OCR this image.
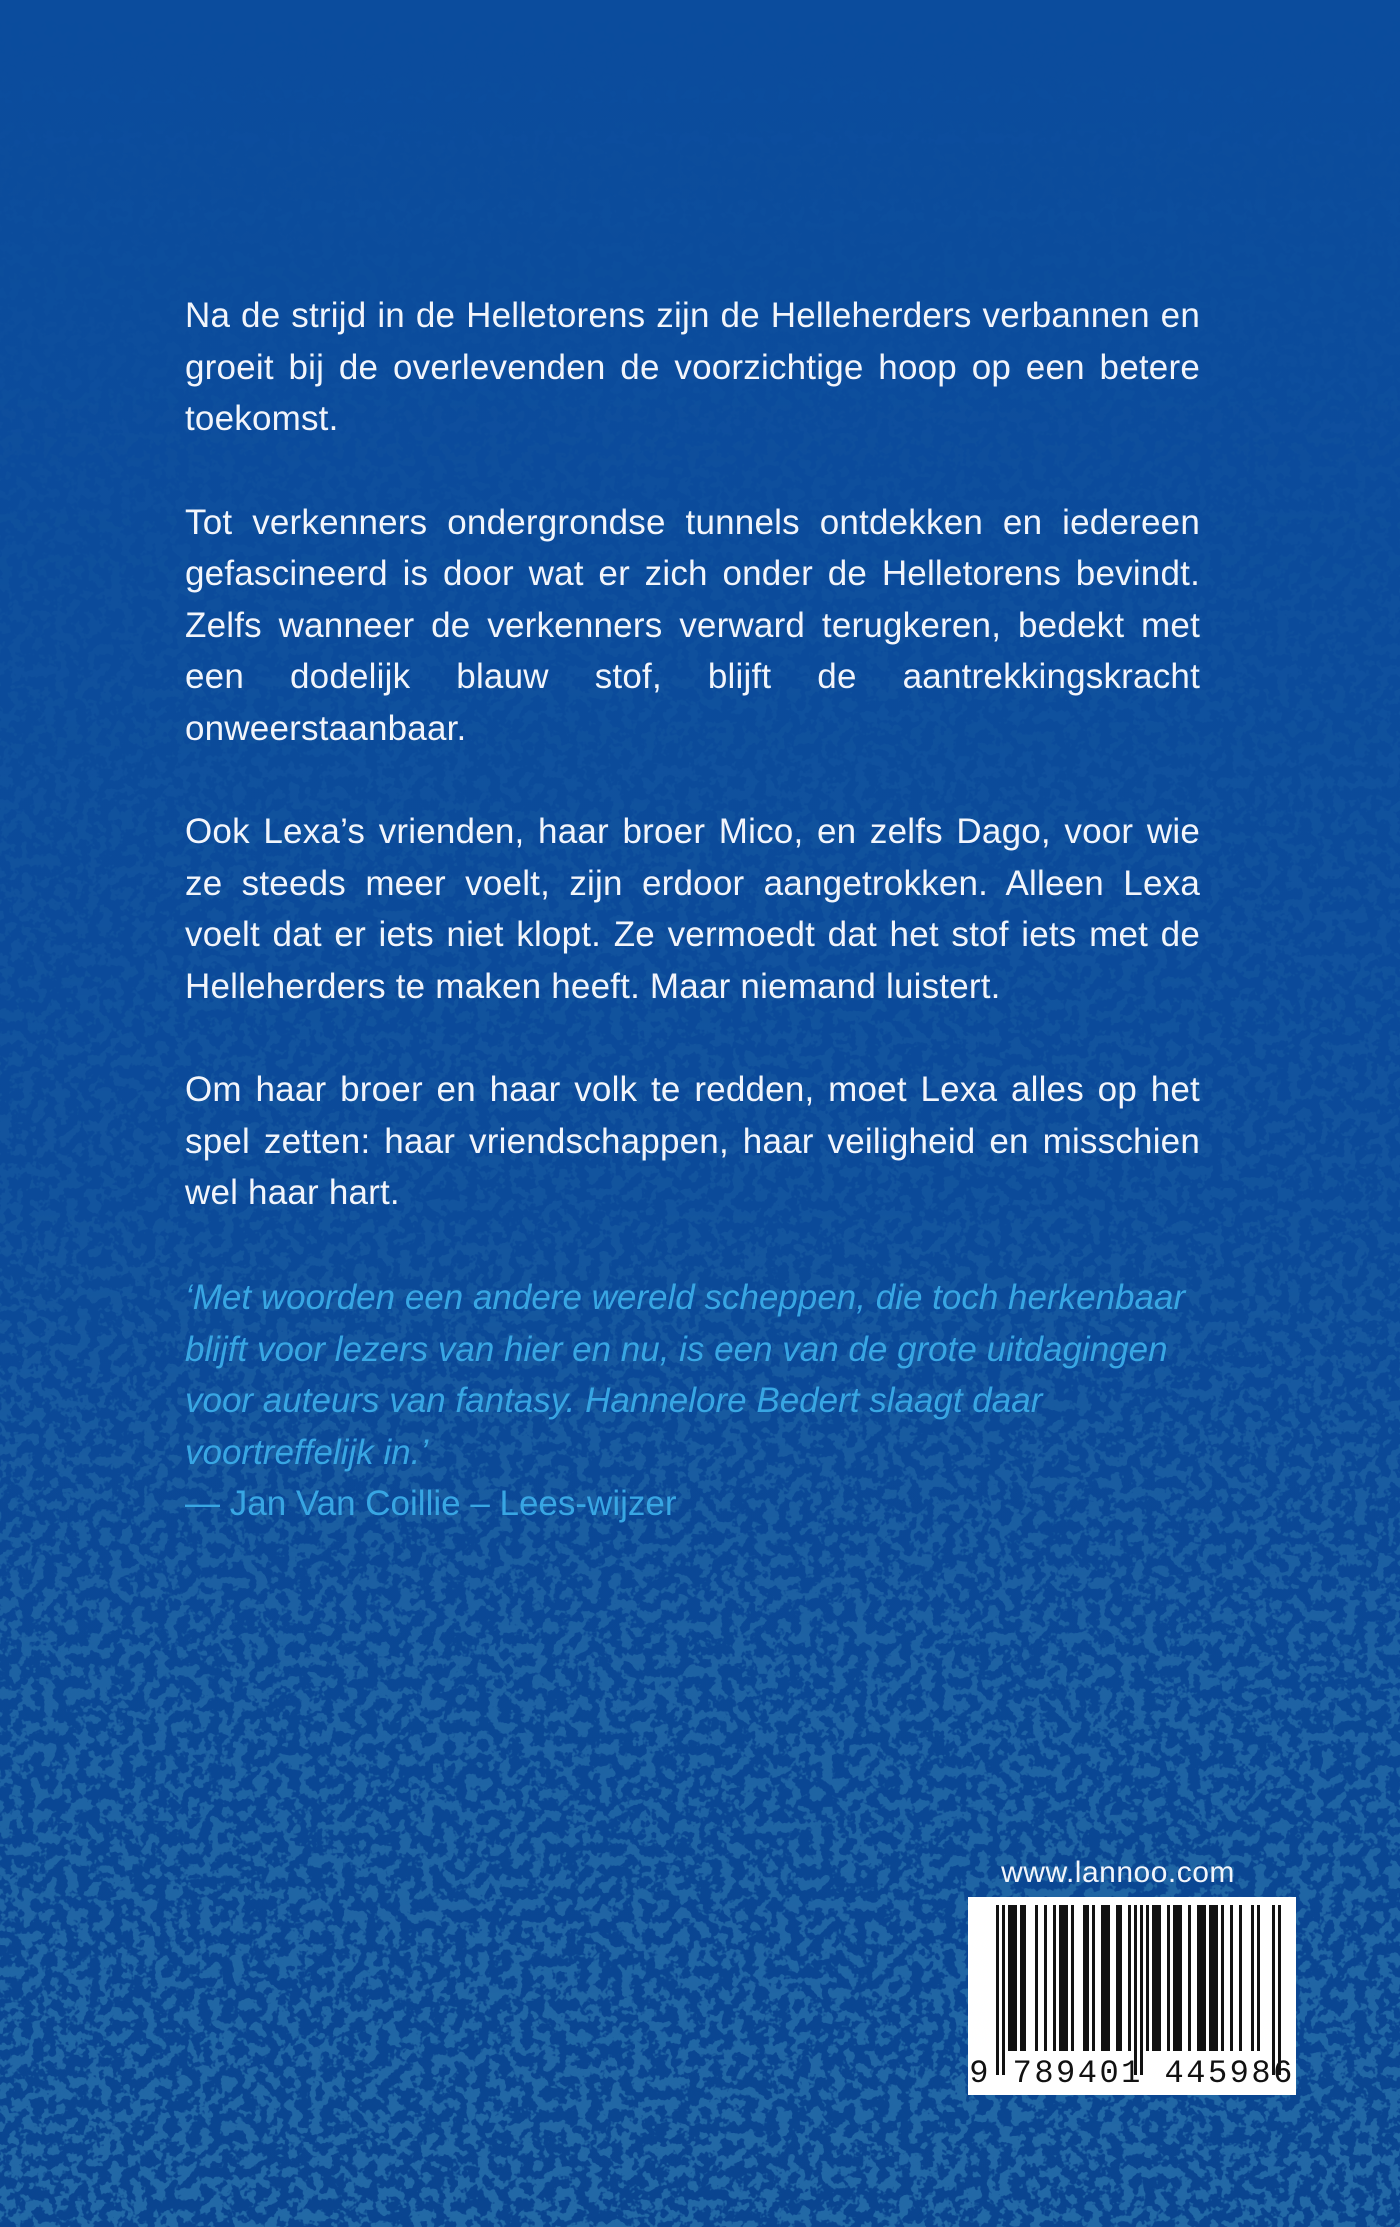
Na de strijd in de Helletorens zijn de Helleherders verbannen en groeit bij de overlevenden de voorzichtige hoop op een betere toekomst.

Tot verkenners ondergrondse tunnels ontdekken en iedereen gefascineerd is door wat er zich onder de Helletorens bevindt. Zelfs wanneer de verkenners verward terugkeren, bedekt met een dodelijk blauw stof, blijft de aantrekkingskracht onweerstaanbaar.

Ook Lexa’s vrienden, haar broer Mico, en zelfs Dago, voor wie ze steeds meer voelt, zijn erdoor aangetrokken. Alleen Lexa voelt dat er iets niet klopt. Ze vermoedt dat het stof iets met de Helleherders te maken heeft. Maar niemand luistert.

Om haar broer en haar volk te redden, moet Lexa alles op het spel zetten: haar vriendschappen, haar veiligheid en misschien wel haar hart.

‘Met woorden een andere wereld scheppen, die toch herkenbaar blijft voor lezers van hier en nu, is een van de grote uitdagingen voor auteurs van fantasy. Hannelore Bedert slaagt daar voortreffelijk in.’

— Jan Van Coillie – Lees-wijzer

www.lannoo.com
9 789401 445986
